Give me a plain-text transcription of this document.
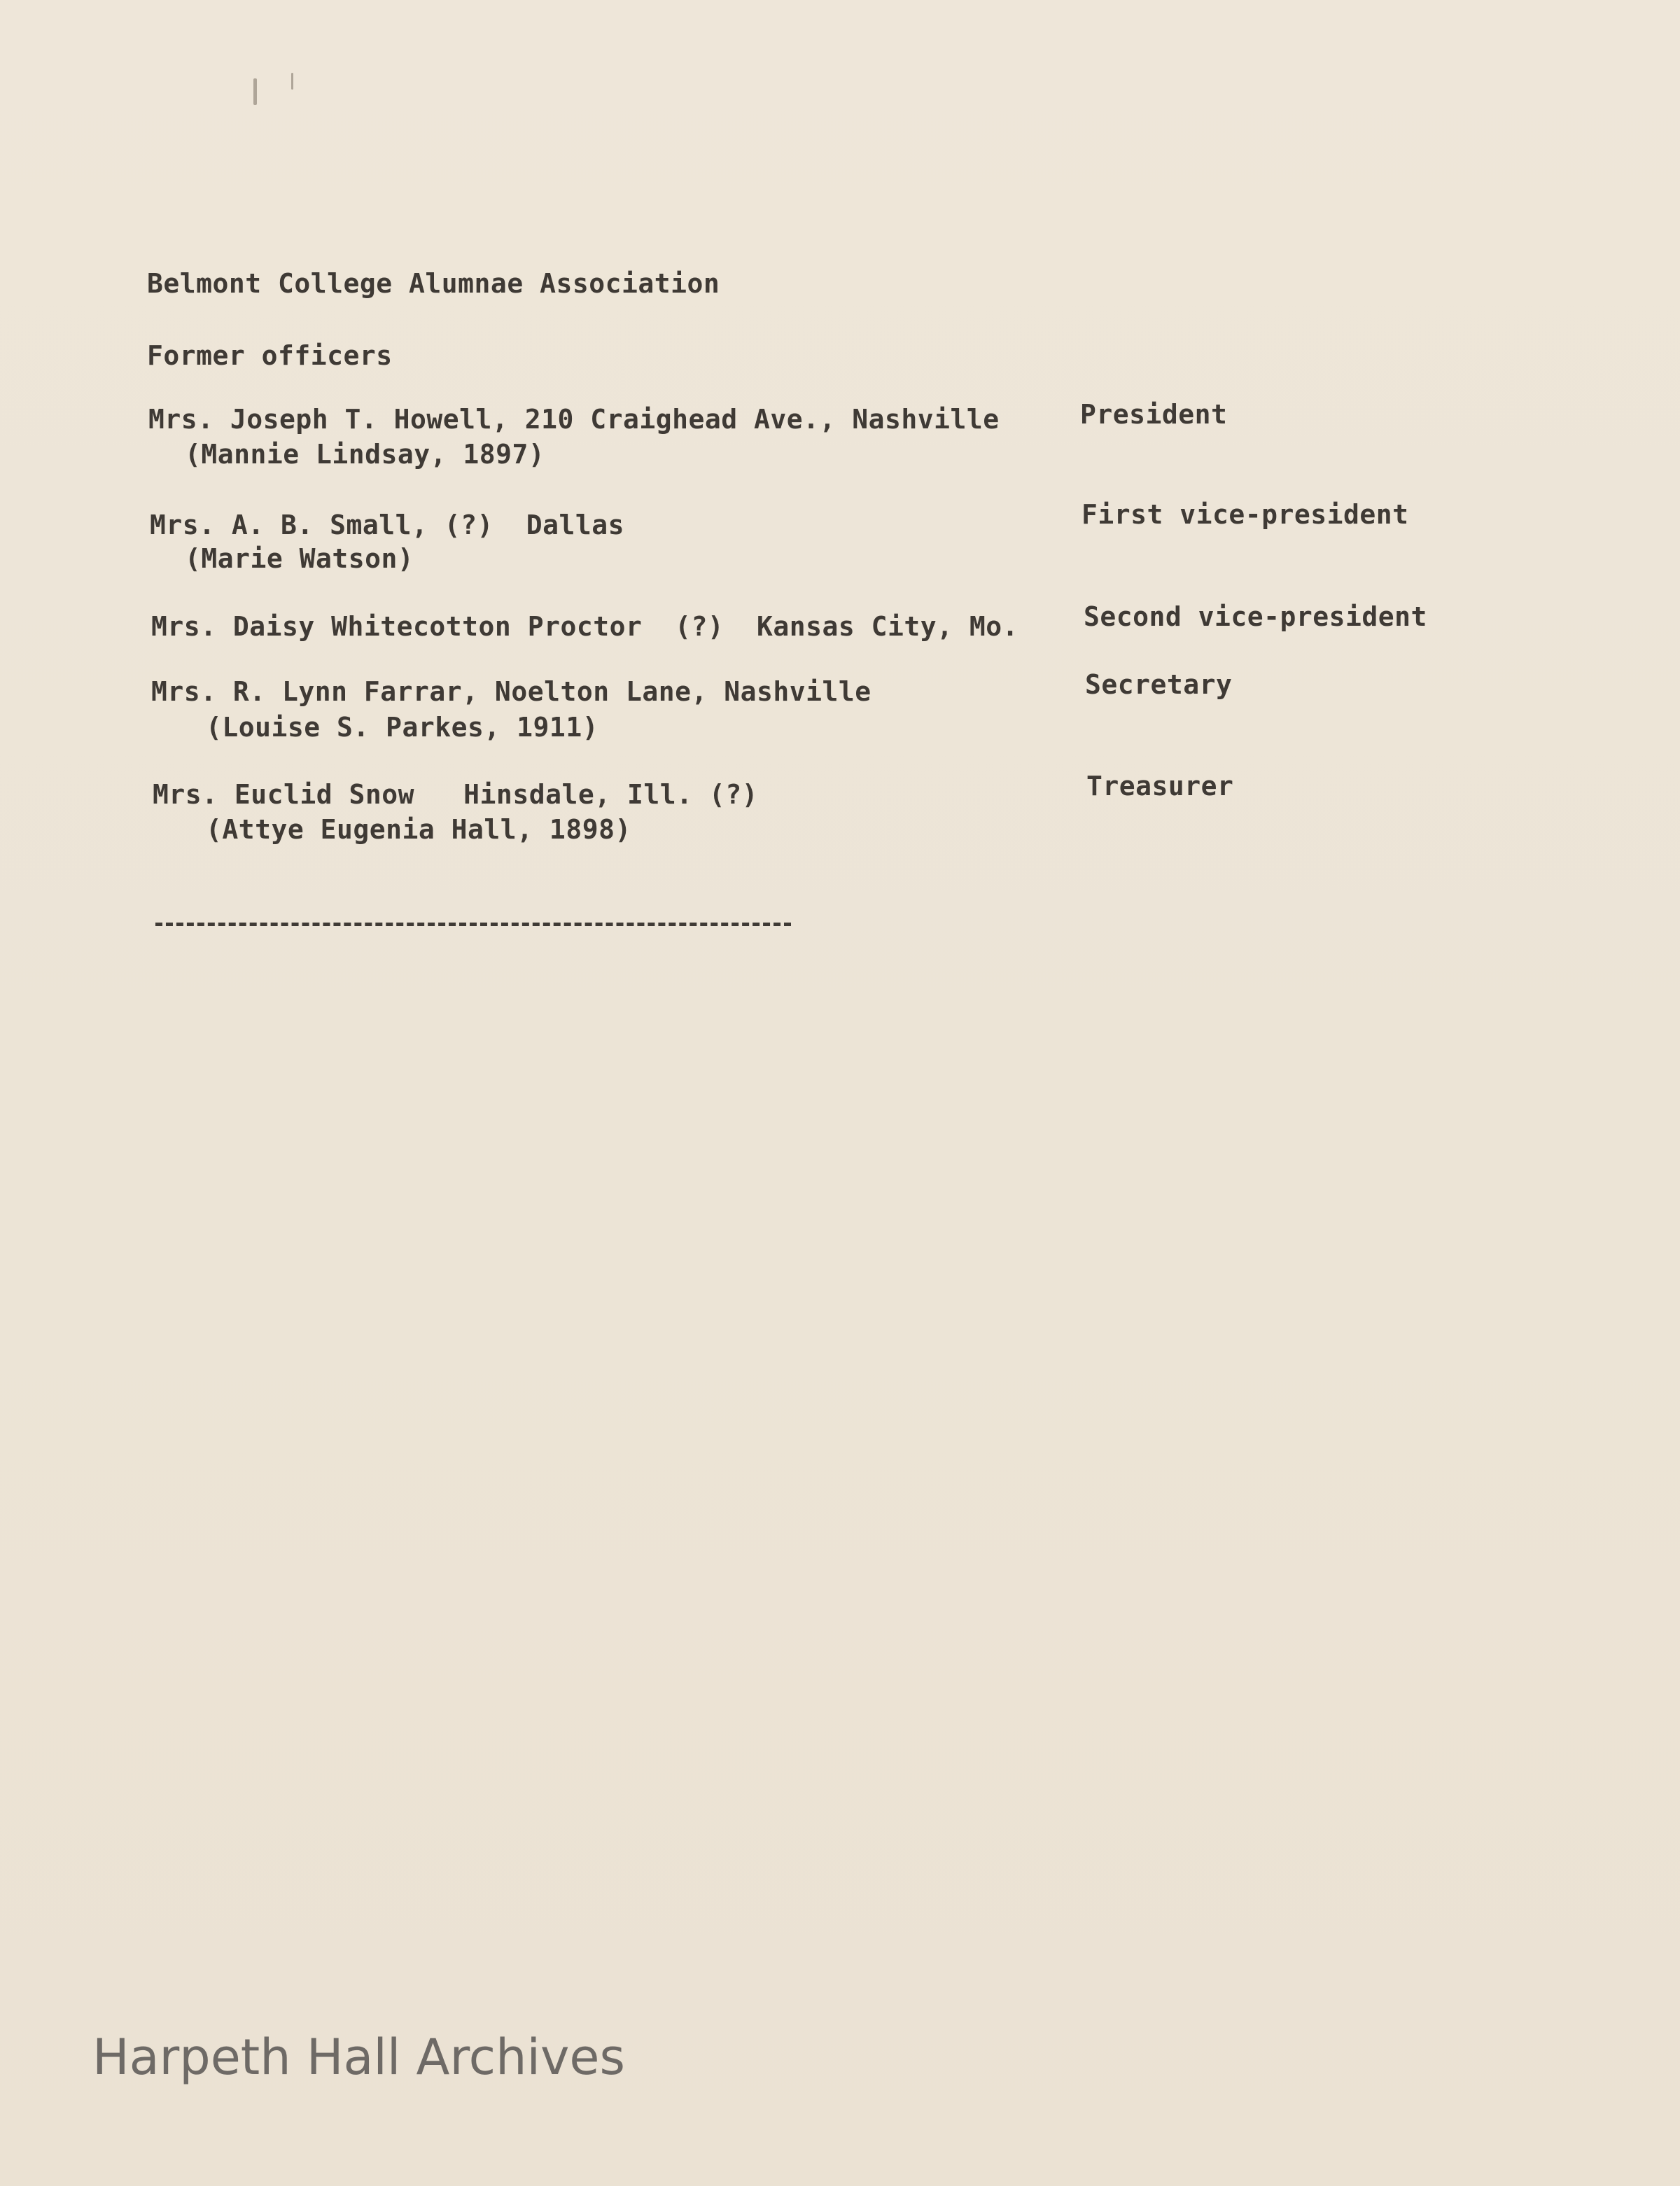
Belmont College Alumnae Association
Former officers
Mrs. Joseph T. Howell, 210 Craighead Ave., Nashville
(Mannie Lindsay, 1897)
President
Mrs. A. B. Small, (?)  Dallas
(Marie Watson)
First vice-president
Mrs. Daisy Whitecotton Proctor  (?)  Kansas City, Mo. Second vice-president
Mrs. R. Lynn Farrar, Noelton Lane, Nashville
(Louise S. Parkes, 1911)
Secretary
Mrs. Euclid Snow   Hinsdale, Ill. (?)
(Attye Eugenia Hall, 1898)
Treasurer
Harpeth Hall Archives
